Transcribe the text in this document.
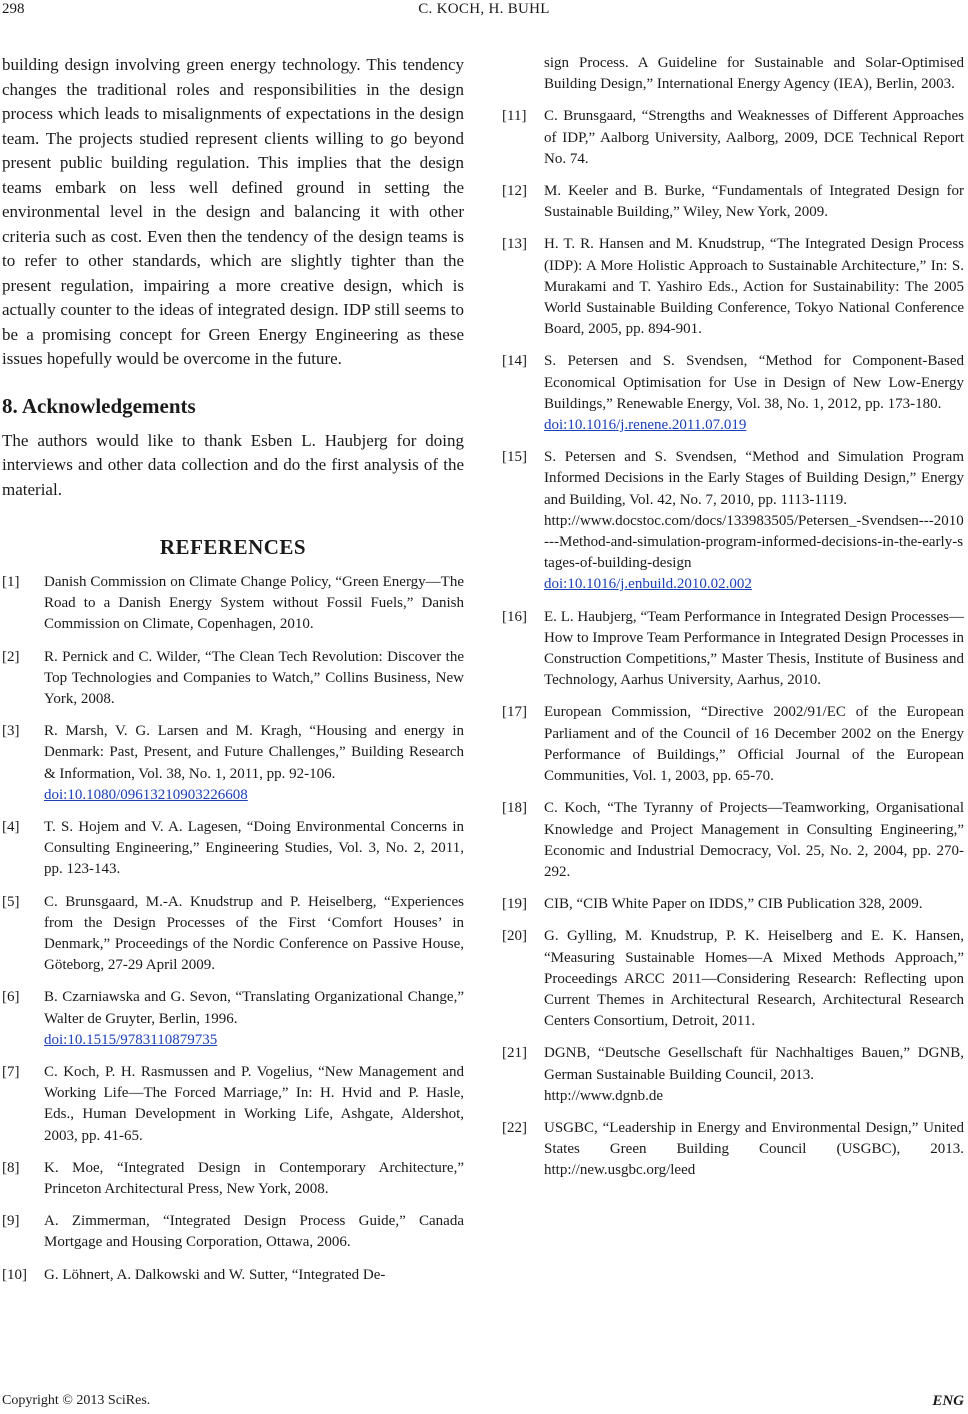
298	C. KOCH, H. BUHL

building design involving green energy technology. This tendency changes the traditional roles and responsibilities in the design process which leads to misalignments of expectations in the design team. The projects studied represent clients willing to go beyond present public building regulation. This implies that the design teams embark on less well defined ground in setting the environmental level in the design and balancing it with other criteria such as cost. Even then the tendency of the design teams is to refer to other standards, which are slightly tighter than the present regulation, impairing a more creative design, which is actually counter to the ideas of integrated design. IDP still seems to be a promising concept for Green Energy Engineering as these issues hopefully would be overcome in the future.

8. Acknowledgements

The authors would like to thank Esben L. Haubjerg for doing interviews and other data collection and do the first analysis of the material.

REFERENCES
[1]	Danish Commission on Climate Change Policy, “Green Energy—The Road to a Danish Energy System without Fossil Fuels,” Danish Commission on Climate, Copenhagen, 2010.
[2]	R. Pernick and C. Wilder, “The Clean Tech Revolution: Discover the Top Technologies and Companies to Watch,” Collins Business, New York, 2008.
[3]	R. Marsh, V. G. Larsen and M. Kragh, “Housing and energy in Denmark: Past, Present, and Future Challenges,” Building Research & Information, Vol. 38, No. 1, 2011, pp. 92-106.
doi:10.1080/09613210903226608
[4]	T. S. Hojem and V. A. Lagesen, “Doing Environmental Concerns in Consulting Engineering,” Engineering Studies, Vol. 3, No. 2, 2011, pp. 123-143.
[5]	C. Brunsgaard, M.-A. Knudstrup and P. Heiselberg, “Experiences from the Design Processes of the First ‘Comfort Houses’ in Denmark,” Proceedings of the Nordic Conference on Passive House, Göteborg, 27-29 April 2009.
[6]	B. Czarniawska and G. Sevon, “Translating Organizational Change,” Walter de Gruyter, Berlin, 1996.
doi:10.1515/9783110879735
[7]	C. Koch, P. H. Rasmussen and P. Vogelius, “New Management and Working Life—The Forced Marriage,” In: H. Hvid and P. Hasle, Eds., Human Development in Working Life, Ashgate, Aldershot, 2003, pp. 41-65.
[8]	K. Moe, “Integrated Design in Contemporary Architecture,” Princeton Architectural Press, New York, 2008.
[9]	A. Zimmerman, “Integrated Design Process Guide,” Canada Mortgage and Housing Corporation, Ottawa, 2006.
[10]	G. Löhnert, A. Dalkowski and W. Sutter, “Integrated De-
sign Process. A Guideline for Sustainable and Solar-Optimised Building Design,” International Energy Agency (IEA), Berlin, 2003.
[11]	C. Brunsgaard, “Strengths and Weaknesses of Different Approaches of IDP,” Aalborg University, Aalborg, 2009, DCE Technical Report No. 74.
[12]	M. Keeler and B. Burke, “Fundamentals of Integrated Design for Sustainable Building,” Wiley, New York, 2009.
[13]	H. T. R. Hansen and M. Knudstrup, “The Integrated Design Process (IDP): A More Holistic Approach to Sustainable Architecture,” In: S. Murakami and T. Yashiro Eds., Action for Sustainability: The 2005 World Sustainable Building Conference, Tokyo National Conference Board, 2005, pp. 894-901.
[14]	S. Petersen and S. Svendsen, “Method for Component-Based Economical Optimisation for Use in Design of New Low-Energy Buildings,” Renewable Energy, Vol. 38, No. 1, 2012, pp. 173-180.
doi:10.1016/j.renene.2011.07.019
[15]	S. Petersen and S. Svendsen, “Method and Simulation Program Informed Decisions in the Early Stages of Building Design,” Energy and Building, Vol. 42, No. 7, 2010, pp. 1113-1119.
http://www.docstoc.com/docs/133983505/Petersen_-Svendsen---2010---Method-and-simulation-program-informed-decisions-in-the-early-stages-of-building-design
doi:10.1016/j.enbuild.2010.02.002
[16]	E. L. Haubjerg, “Team Performance in Integrated Design Processes—How to Improve Team Performance in Integrated Design Processes in Construction Competitions,” Master Thesis, Institute of Business and Technology, Aarhus University, Aarhus, 2010.
[17]	European Commission, “Directive 2002/91/EC of the European Parliament and of the Council of 16 December 2002 on the Energy Performance of Buildings,” Official Journal of the European Communities, Vol. 1, 2003, pp. 65-70.
[18]	C. Koch, “The Tyranny of Projects—Teamworking, Organisational Knowledge and Project Management in Consulting Engineering,” Economic and Industrial Democracy, Vol. 25, No. 2, 2004, pp. 270-292.
[19]	CIB, “CIB White Paper on IDDS,” CIB Publication 328, 2009.
[20]	G. Gylling, M. Knudstrup, P. K. Heiselberg and E. K. Hansen, “Measuring Sustainable Homes—A Mixed Methods Approach,” Proceedings ARCC 2011—Considering Research: Reflecting upon Current Themes in Architectural Research, Architectural Research Centers Consortium, Detroit, 2011.
[21]	DGNB, “Deutsche Gesellschaft für Nachhaltiges Bauen,” DGNB, German Sustainable Building Council, 2013.
http://www.dgnb.de
[22]	USGBC, “Leadership in Energy and Environmental Design,” United States Green Building Council (USGBC), 2013. http://new.usgbc.org/leed
Copyright © 2013 SciRes.	ENG
